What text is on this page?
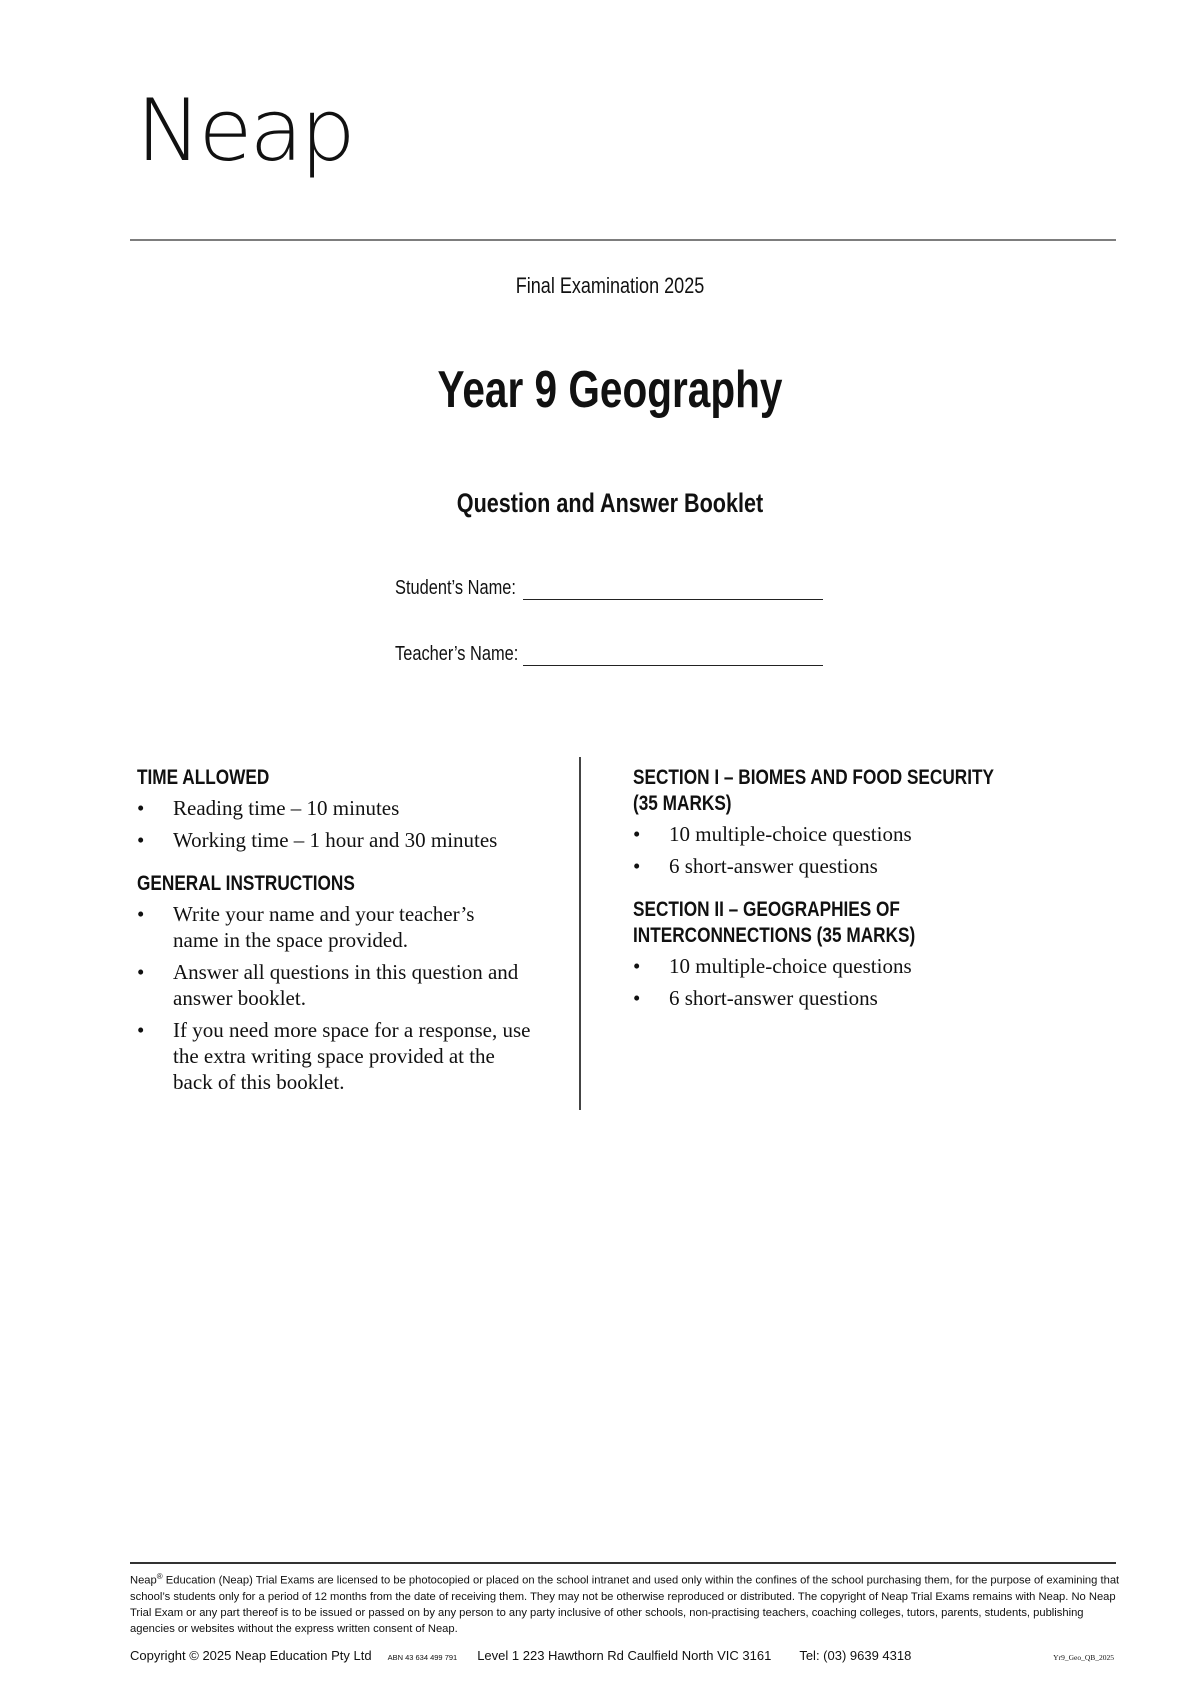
Neap
Final Examination 2025
Year 9 Geography
Question and Answer Booklet
Student’s Name:
Teacher’s Name:
TIME ALLOWED
• Reading time – 10 minutes
• Working time – 1 hour and 30 minutes
GENERAL INSTRUCTIONS
• Write your name and your teacher’s name in the space provided.
• Answer all questions in this question and answer booklet.
• If you need more space for a response, use the extra writing space provided at the back of this booklet.
SECTION I – BIOMES AND FOOD SECURITY
(35 MARKS)
• 10 multiple-choice questions
• 6 short-answer questions
SECTION II – GEOGRAPHIES OF
INTERCONNECTIONS (35 MARKS)
• 10 multiple-choice questions
• 6 short-answer questions
Neap® Education (Neap) Trial Exams are licensed to be photocopied or placed on the school intranet and used only within the confines of the school purchasing them, for the purpose of examining that school’s students only for a period of 12 months from the date of receiving them. They may not be otherwise reproduced or distributed. The copyright of Neap Trial Exams remains with Neap. No Neap Trial Exam or any part thereof is to be issued or passed on by any person to any party inclusive of other schools, non-practising teachers, coaching colleges, tutors, parents, students, publishing agencies or websites without the express written consent of Neap.
Copyright © 2025 Neap Education Pty Ltd ABN 43 634 499 791 Level 1 223 Hawthorn Rd Caulfield North VIC 3161 Tel: (03) 9639 4318	Yr9_Geo_QB_2025
